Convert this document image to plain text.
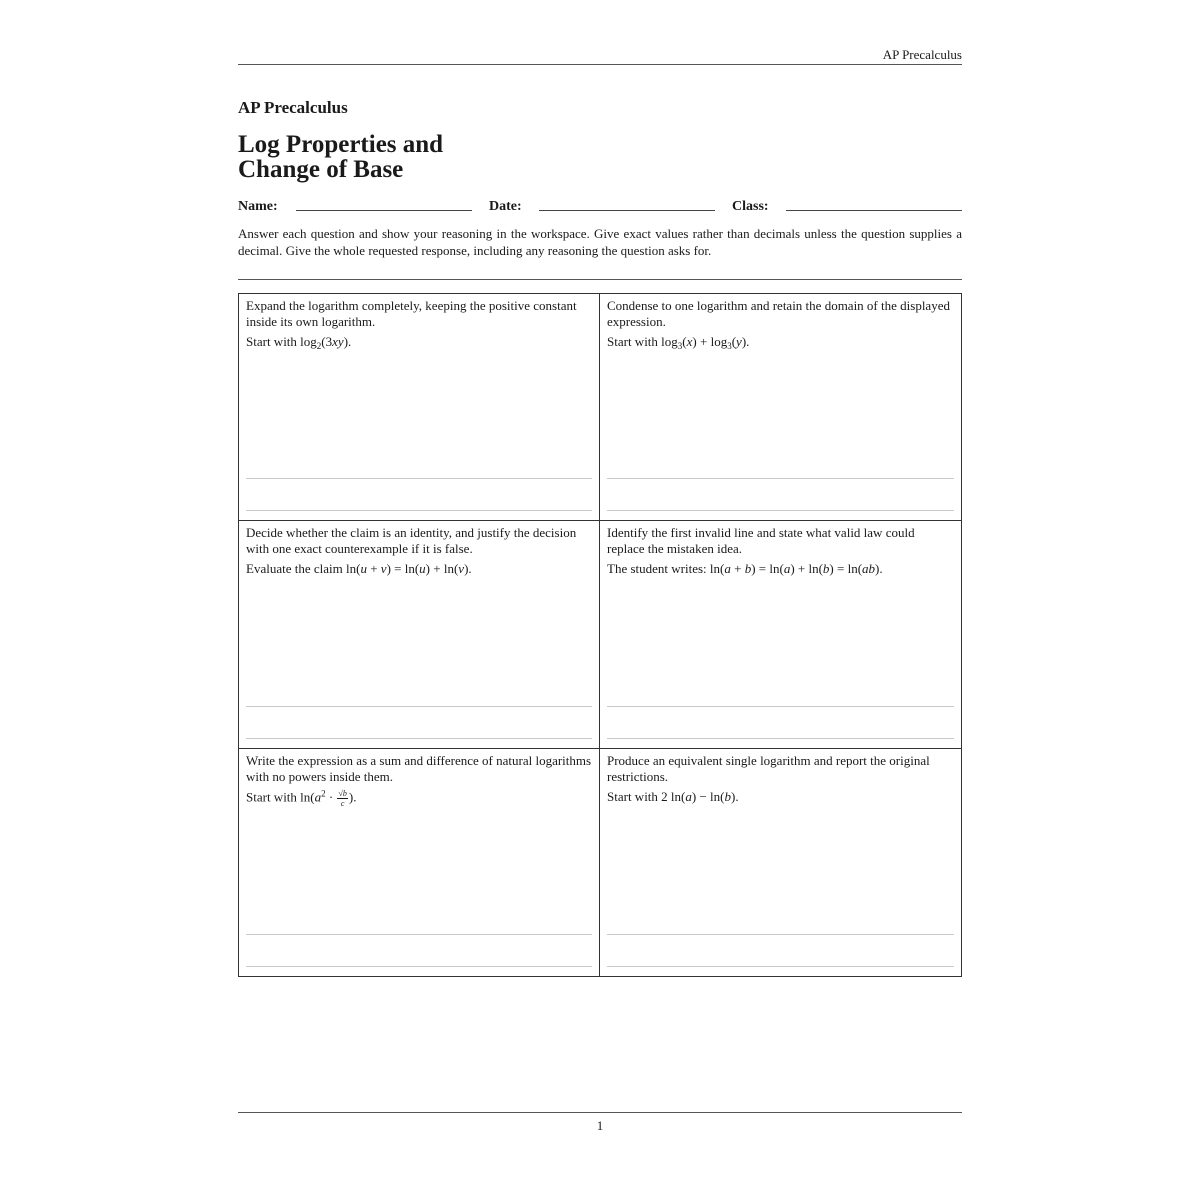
AP Precalculus
AP Precalculus
Log Properties and
Change of Base
Name:	Date:	Class:
Answer each question and show your reasoning in the workspace. Give exact values rather than decimals unless the question supplies a decimal. Give the whole requested response, including any reasoning the question asks for.

Expand the logarithm completely, keeping the positive constant inside its own logarithm.

Start with $\log_2(3xy)$.

Condense to one logarithm and retain the domain of the displayed expression.

Start with $\log_3(x) + \log_3(y)$.

Decide whether the claim is an identity, and justify the decision with one exact counterexample if it is false.

Evaluate the claim ln(u + v) = ln(u) + ln(v).

Identify the first invalid line and state what valid law could replace the mistaken idea.

The student writes: ln(a + b) = ln(a) + ln(b) = ln(ab).

Write the expression as a sum and difference of natural logarithms with no powers inside them.

Start with $\ln(a^2 \cdot \frac{√b}{c}$ ).

Produce an equivalent single logarithm and report the original restrictions.

Start with 2 ln(a) − ln(b).
1
